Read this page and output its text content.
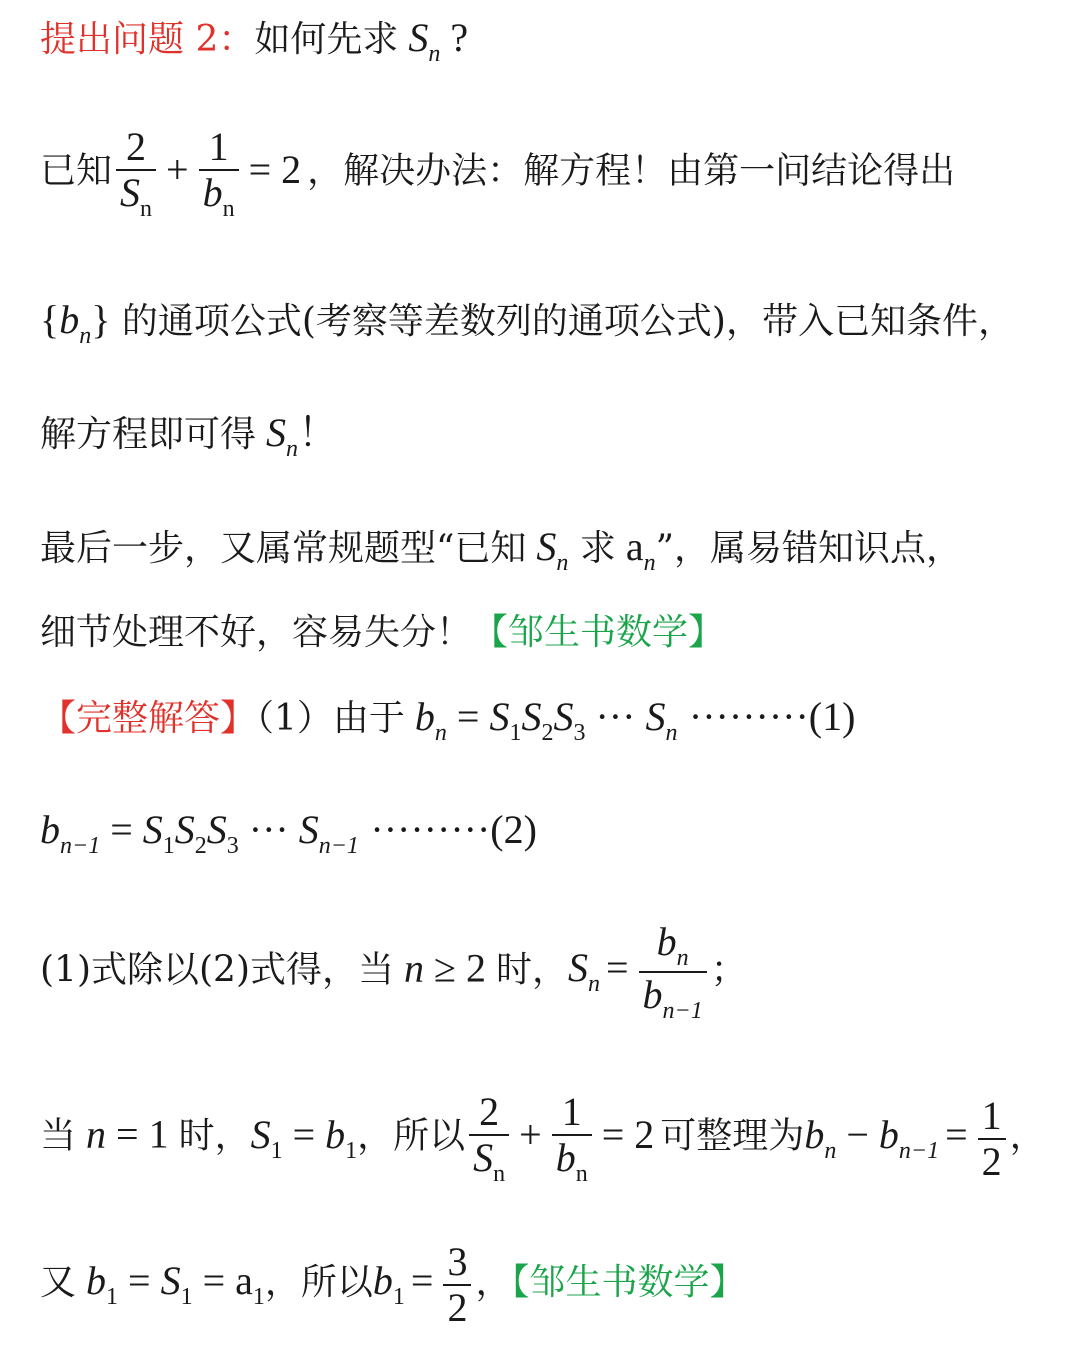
提出问题 2：如何先求 $S_n$ ?
已知 $\frac{2}{S_n} + \frac{1}{b_n} = 2$ ，解决办法：解方程！由第一问结论得出
$\{b_n\}$ 的通项公式(考察等差数列的通项公式)，带入已知条件，
解方程即可得 $S_n$！
最后一步，又属常规题型“已知 $S_n$ 求 $a_n$”，属易错知识点，
细节处理不好，容易失分！【邹生书数学】
【完整解答】（1）由于 $b_n = S_1S_2S_3$ ··· $S_n \cdot\cdot\cdot\cdot\cdot\cdot\cdot\cdot\cdot(1)$
$b_{n-1} = S_1S_2S_3$ ··· $S_{n-1} \cdot\cdot\cdot\cdot\cdot\cdot\cdot\cdot\cdot(2)$
(1)式除以(2)式得，当 n ≥ 2 时，$S_n = \frac{b_n}{b_{n-1}}$ ；
当 n = 1 时，$S_1 = b_1$，所以 $\frac{2}{S_n} + \frac{1}{b_n} = 2$ 可整理为$b_n - b_{n-1} = \frac{1}{2}$ ，
又 $b_1 = S_1 = a_1$，所以$b_1 = \frac{3}{2}$ ，【邹生书数学】
